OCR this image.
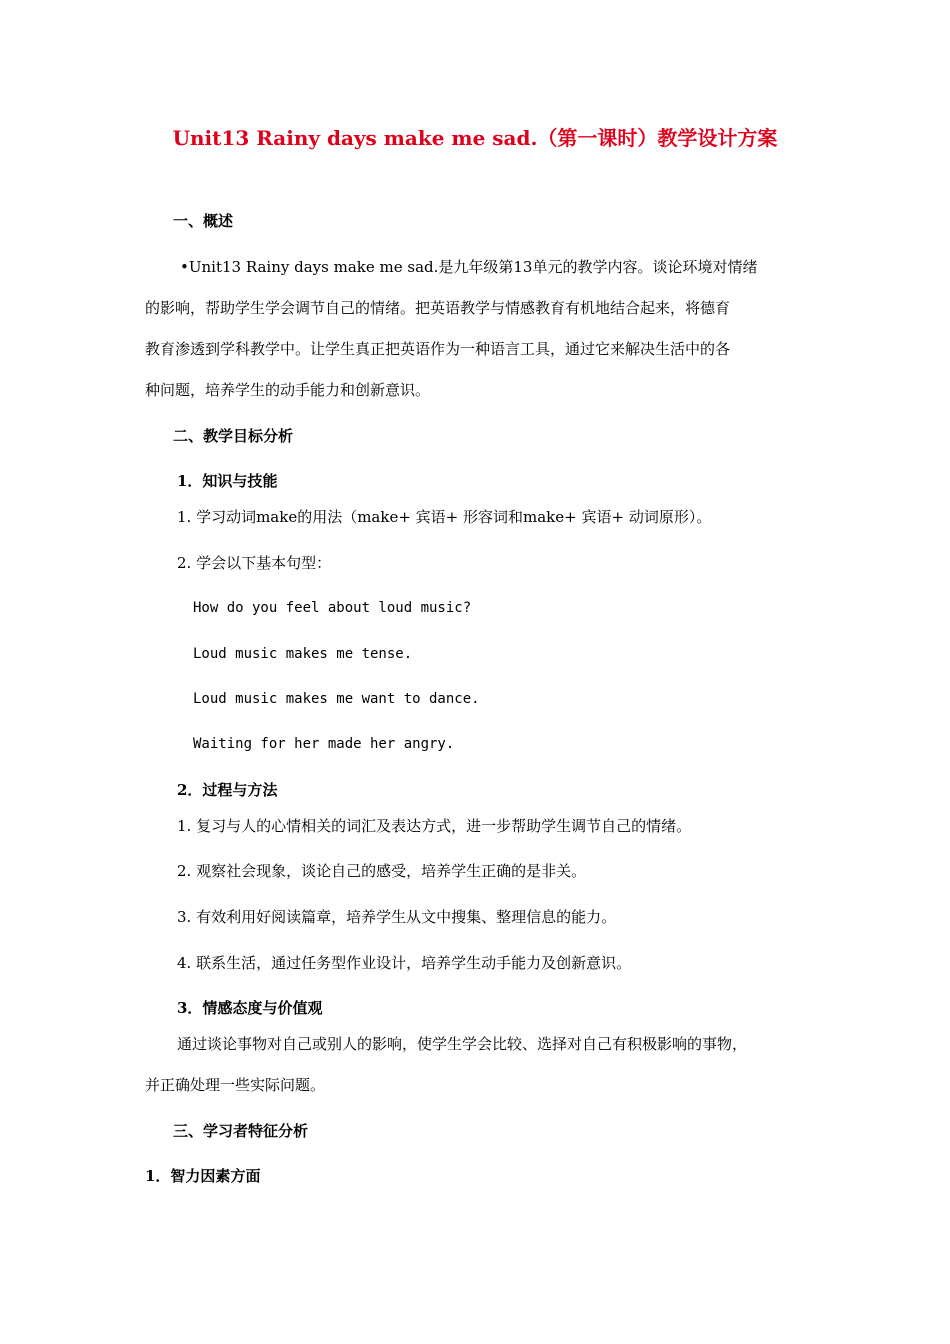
Unit13 Rainy days make me sad.（第一课时）教学设计方案
一、概述
•Unit13 Rainy days make me sad.是九年级第13单元的教学内容。谈论环境对情绪
的影响，帮助学生学会调节自己的情绪。把英语教学与情感教育有机地结合起来，将德育
教育渗透到学科教学中。让学生真正把英语作为一种语言工具，通过它来解决生活中的各
种问题，培养学生的动手能力和创新意识。
二、教学目标分析
1．知识与技能
1. 学习动词make的用法（make+ 宾语+ 形容词和make+ 宾语+ 动词原形）。
2. 学会以下基本句型：
How do you feel about loud music?
Loud music makes me tense.
Loud music makes me want to dance.
Waiting for her made her angry.
2．过程与方法
1. 复习与人的心情相关的词汇及表达方式，进一步帮助学生调节自己的情绪。
2. 观察社会现象，谈论自己的感受，培养学生正确的是非关。
3. 有效利用好阅读篇章，培养学生从文中搜集、整理信息的能力。
4. 联系生活，通过任务型作业设计，培养学生动手能力及创新意识。
3．情感态度与价值观
通过谈论事物对自己或别人的影响，使学生学会比较、选择对自己有积极影响的事物，
并正确处理一些实际问题。
三、学习者特征分析
1．智力因素方面
